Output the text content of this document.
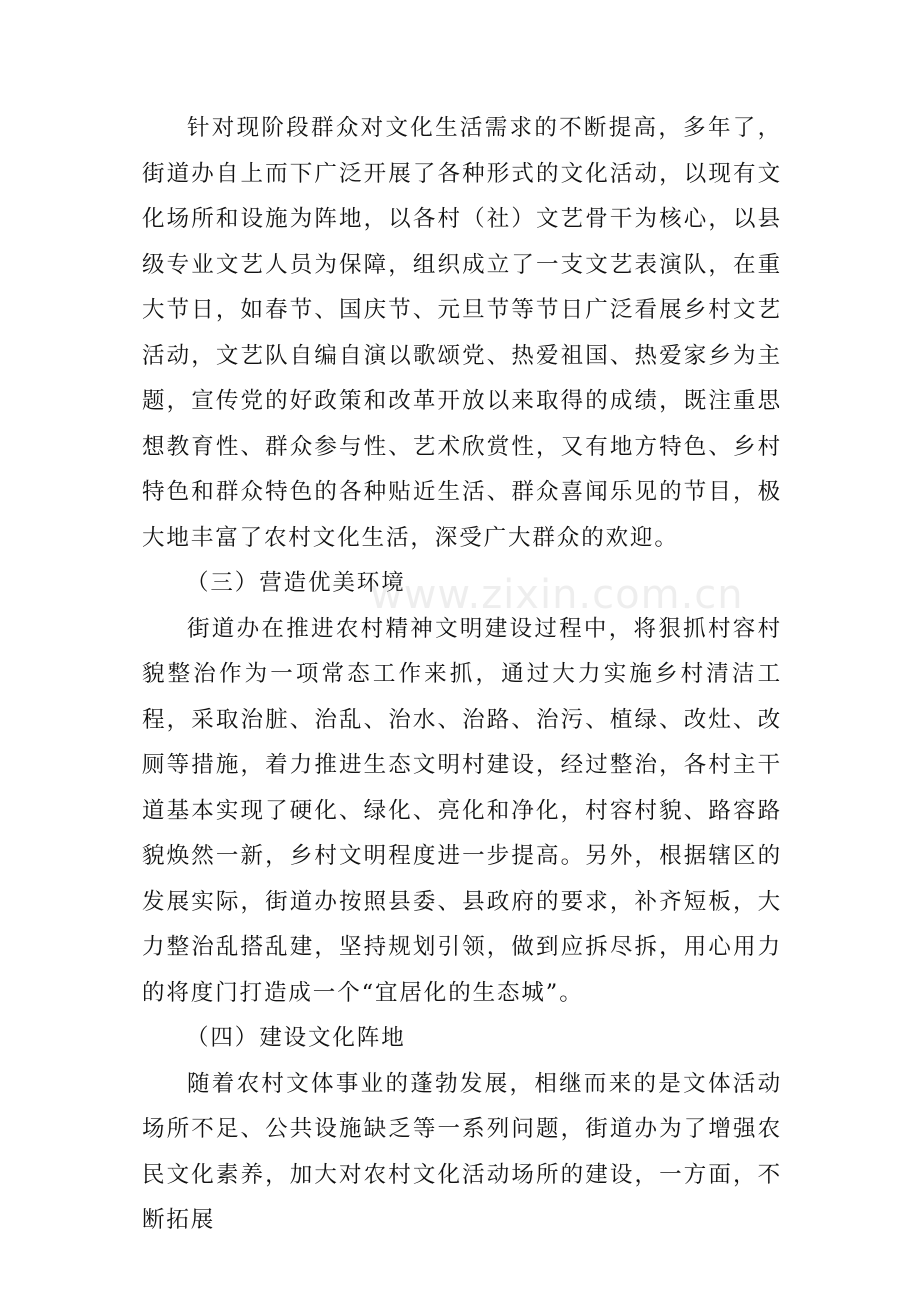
针对现阶段群众对文化生活需求的不断提高，多年了，街道办自上而下广泛开展了各种形式的文化活动，以现有文化场所和设施为阵地，以各村（社）文艺骨干为核心，以县级专业文艺人员为保障，组织成立了一支文艺表演队，在重大节日，如春节、国庆节、元旦节等节日广泛看展乡村文艺活动，文艺队自编自演以歌颂党、热爱祖国、热爱家乡为主题，宣传党的好政策和改革开放以来取得的成绩，既注重思想教育性、群众参与性、艺术欣赏性，又有地方特色、乡村特色和群众特色的各种贴近生活、群众喜闻乐见的节目，极大地丰富了农村文化生活，深受广大群众的欢迎。

（三）营造优美环境

街道办在推进农村精神文明建设过程中，将狠抓村容村貌整治作为一项常态工作来抓，通过大力实施乡村清洁工程，采取治脏、治乱、治水、治路、治污、植绿、改灶、改厕等措施，着力推进生态文明村建设，经过整治，各村主干道基本实现了硬化、绿化、亮化和净化，村容村貌、路容路貌焕然一新，乡村文明程度进一步提高。另外，根据辖区的发展实际，街道办按照县委、县政府的要求，补齐短板，大力整治乱搭乱建，坚持规划引领，做到应拆尽拆，用心用力的将度门打造成一个“宜居化的生态城”。

（四）建设文化阵地

随着农村文体事业的蓬勃发展，相继而来的是文体活动场所不足、公共设施缺乏等一系列问题，街道办为了增强农民文化素养，加大对农村文化活动场所的建设，一方面，不断拓展

www.zixin.com.cn
